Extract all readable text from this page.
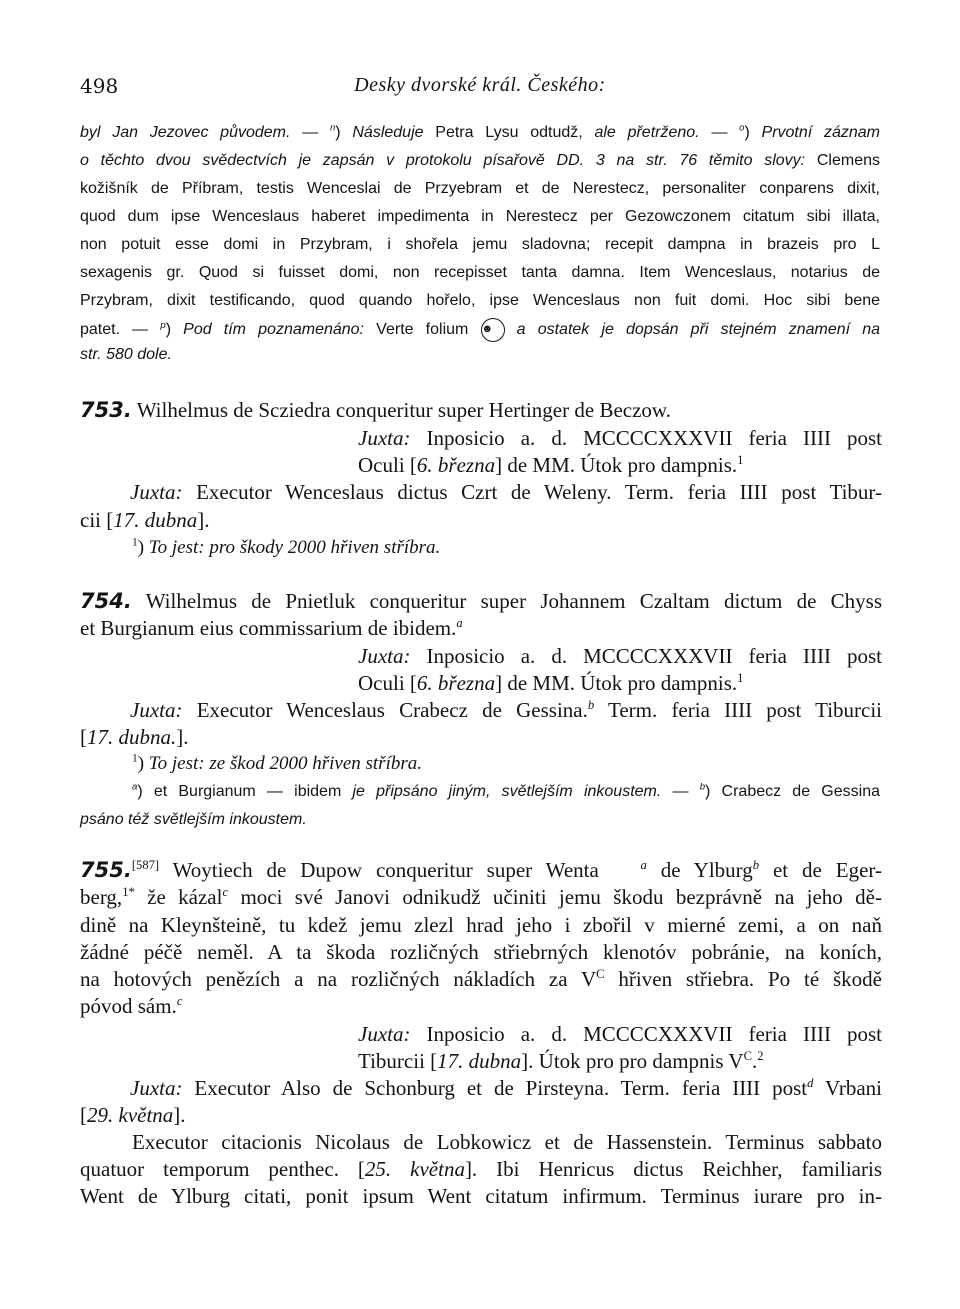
498	Desky dvorské král. Českého:
byl Jan Jezovec původem. — $^n$) Následuje Petra Lysu odtudž, ale přetrženo. — $^o$) Prvotní záznam
o těchto dvou svědectvích je zapsán v protokolu písařově DD. 3 na str. 76 těmito slovy: Clemens
kožišník de Příbram, testis Wenceslai de Przyebram et de Nerestecz, personaliter conparens dixit,
quod dum ipse Wenceslaus haberet impedimenta in Nerestecz per Gezowczonem citatum sibi illata,
non potuit esse domi in Przybram, i shořela jemu sladovna; recepit dampna in brazeis pro L
sexagenis gr. Quod si fuisset domi, non recepisset tanta damna. Item Wenceslaus, notarius de
Przybram, dixit testificando, quod quando hořelo, ipse Wenceslaus non fuit domi. Hoc sibi bene
patet. — $^p$) Pod tím poznamenáno: Verte folium ☻ a ostatek je dopsán při stejném znamení na
str. 580 dole.
753. Wilhelmus de Scziedra conqueritur super Hertinger de Beczow.
Juxta: Inposicio a. d. MCCCCXXXVII feria IIII post
Oculi [6. března] de MM. Útok pro dampnis.$^1$
Juxta: Executor Wenceslaus dictus Czrt de Weleny. Term. feria IIII post Tibur-
cii [17. dubna].
$^1$) To jest: pro škody 2000 hřiven stříbra.
754. Wilhelmus de Pnietluk conqueritur super Johannem Czaltam dictum de Chyss
et Burgianum eius commissarium de ibidem.$^a$
Juxta: Inposicio a. d. MCCCCXXXVII feria IIII post
Oculi [6. března] de MM. Útok pro dampnis.$^1$
Juxta: Executor Wenceslaus Crabecz de Gessina.$^b$ Term. feria IIII post Tiburcii
[17. dubna.].
$^1$) To jest: ze škod 2000 hřiven stříbra.
$^a$) et Burgianum — ibidem je připsáno jiným, světlejším inkoustem. — $^b$) Crabecz de Gessina
psáno též světlejším inkoustem.
755.[587] Woytiech de Dupow conqueritur super Wenta	$^a$ de Ylburg$^b$ et de Eger-
berg,$^{1*}$ že kázal$^c$ moci své Janovi odnikudž učiniti jemu škodu bezprávně na jeho dě-
dině na Kleynšteině, tu kdež jemu zlezl hrad jeho i zbořil v mierné zemi, a on naň
žádné péčě neměl. A ta škoda rozličných střiebrných klenotóv pobránie, na koních,
na hotových penězích a na rozličných nákladích za $V^C$ hřiven střiebra. Po té škodě
póvod sám.$^c$
Juxta: Inposicio a. d. MCCCCXXXVII feria IIII post
Tiburcii [17. dubna]. Útok pro pro dampnis $V^C.^2$
Juxta: Executor Also de Schonburg et de Pirsteyna. Term. feria IIII post$^d$ Vrbani
[29. května].
Executor citacionis Nicolaus de Lobkowicz et de Hassenstein. Terminus sabbato
quatuor temporum penthec. [25. května]. Ibi Henricus dictus Reichher, familiaris
Went de Ylburg citati, ponit ipsum Went citatum infirmum. Terminus iurare pro in-
